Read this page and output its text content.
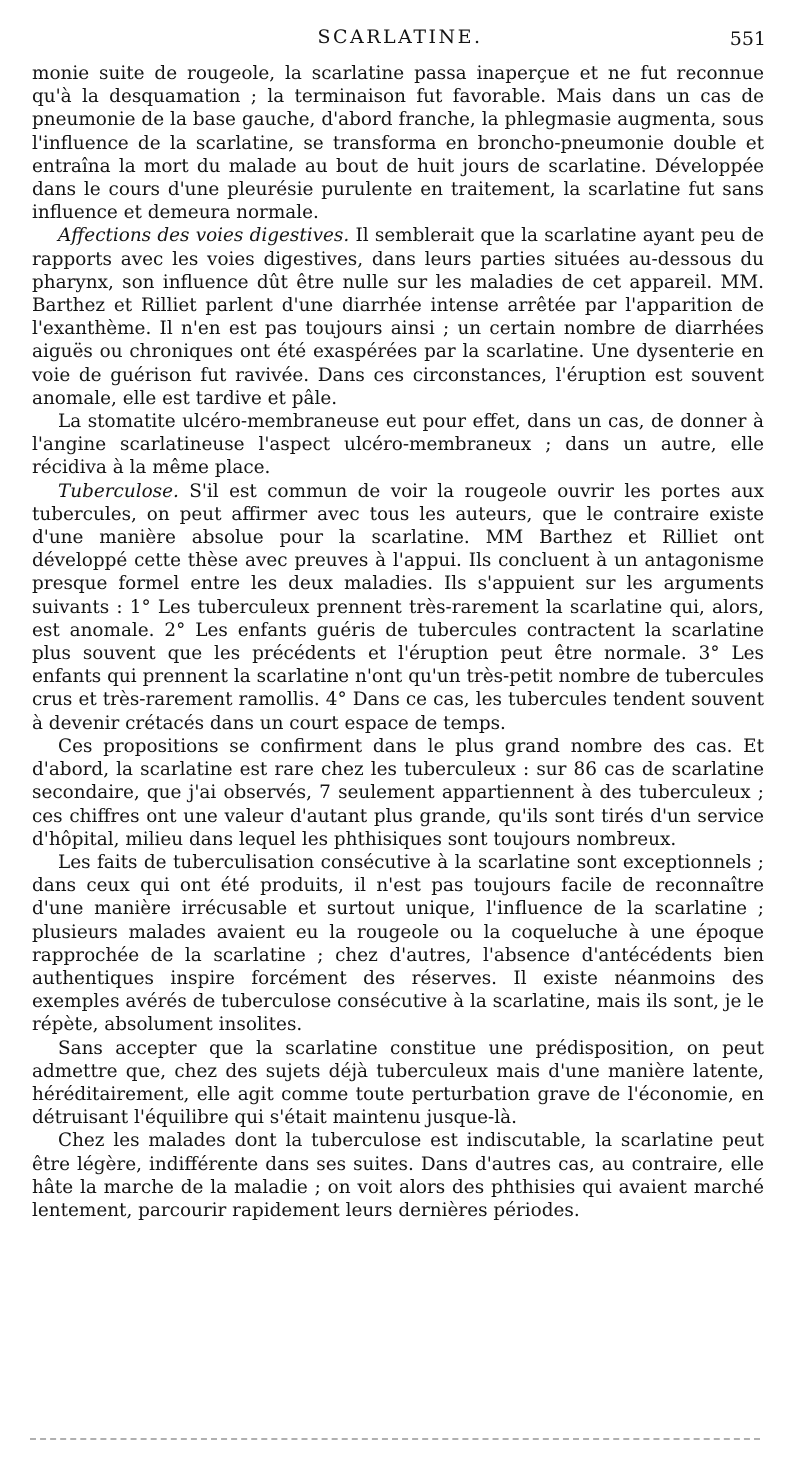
SCARLATINE.	551

monie suite de rougeole, la scarlatine passa inaperçue et ne fut reconnue qu'à la desquamation ; la terminaison fut favorable. Mais dans un cas de pneumonie de la base gauche, d'abord franche, la phlegmasie augmenta, sous l'influence de la scarlatine, se transforma en broncho-pneumonie double et entraîna la mort du malade au bout de huit jours de scarlatine. Développée dans le cours d'une pleurésie purulente en traitement, la scarlatine fut sans influence et demeura normale.

Affections des voies digestives. Il semblerait que la scarlatine ayant peu de rapports avec les voies digestives, dans leurs parties situées au-dessous du pharynx, son influence dût être nulle sur les maladies de cet appareil. MM. Barthez et Rilliet parlent d'une diarrhée intense arrêtée par l'apparition de l'exanthème. Il n'en est pas toujours ainsi ; un certain nombre de diarrhées aiguës ou chroniques ont été exaspérées par la scarlatine. Une dysenterie en voie de guérison fut ravivée. Dans ces circonstances, l'éruption est souvent anomale, elle est tardive et pâle.

La stomatite ulcéro-membraneuse eut pour effet, dans un cas, de donner à l'angine scarlatineuse l'aspect ulcéro-membraneux ; dans un autre, elle récidiva à la même place.

Tuberculose. S'il est commun de voir la rougeole ouvrir les portes aux tubercules, on peut affirmer avec tous les auteurs, que le contraire existe d'une manière absolue pour la scarlatine. MM Barthez et Rilliet ont développé cette thèse avec preuves à l'appui. Ils concluent à un antagonisme presque formel entre les deux maladies. Ils s'appuient sur les arguments suivants : 1° Les tuberculeux prennent très-rarement la scarlatine qui, alors, est anomale. 2° Les enfants guéris de tubercules contractent la scarlatine plus souvent que les précédents et l'éruption peut être normale. 3° Les enfants qui prennent la scarlatine n'ont qu'un très-petit nombre de tubercules crus et très-rarement ramollis. 4° Dans ce cas, les tubercules tendent souvent à devenir crétacés dans un court espace de temps.

Ces propositions se confirment dans le plus grand nombre des cas. Et d'abord, la scarlatine est rare chez les tuberculeux : sur 86 cas de scarlatine secondaire, que j'ai observés, 7 seulement appartiennent à des tuberculeux ; ces chiffres ont une valeur d'autant plus grande, qu'ils sont tirés d'un service d'hôpital, milieu dans lequel les phthisiques sont toujours nombreux.

Les faits de tuberculisation consécutive à la scarlatine sont exceptionnels ; dans ceux qui ont été produits, il n'est pas toujours facile de reconnaître d'une manière irrécusable et surtout unique, l'influence de la scarlatine ; plusieurs malades avaient eu la rougeole ou la coqueluche à une époque rapprochée de la scarlatine ; chez d'autres, l'absence d'antécédents bien authentiques inspire forcément des réserves. Il existe néanmoins des exemples avérés de tuberculose consécutive à la scarlatine, mais ils sont, je le répète, absolument insolites.

Sans accepter que la scarlatine constitue une prédisposition, on peut admettre que, chez des sujets déjà tuberculeux mais d'une manière latente, héréditairement, elle agit comme toute perturbation grave de l'économie, en détruisant l'équilibre qui s'était maintenu jusque-là.

Chez les malades dont la tuberculose est indiscutable, la scarlatine peut être légère, indifférente dans ses suites. Dans d'autres cas, au contraire, elle hâte la marche de la maladie ; on voit alors des phthisies qui avaient marché lentement, parcourir rapidement leurs dernières périodes.
